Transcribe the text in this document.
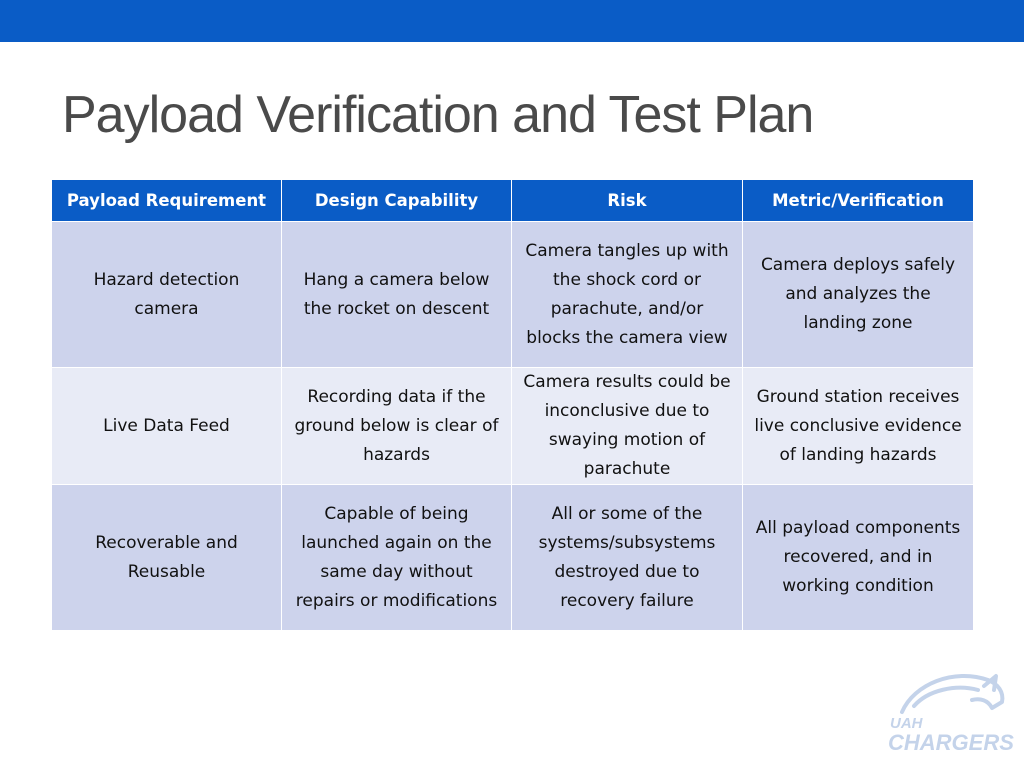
Payload Verification and Test Plan
Payload Requirement	Design Capability	Risk	Metric/Verification
Hazard detection camera	Hang a camera below the rocket on descent	Camera tangles up with the shock cord or parachute, and/or blocks the camera view	Camera deploys safely and analyzes the landing zone
Live Data Feed	Recording data if the ground below is clear of hazards	Camera results could be inconclusive due to swaying motion of parachute	Ground station receives live conclusive evidence of landing hazards
Recoverable and Reusable	Capable of being launched again on the same day without repairs or modifications	All or some of the systems/subsystems destroyed due to recovery failure	All payload components recovered, and in working condition
UAH
CHARGERS
